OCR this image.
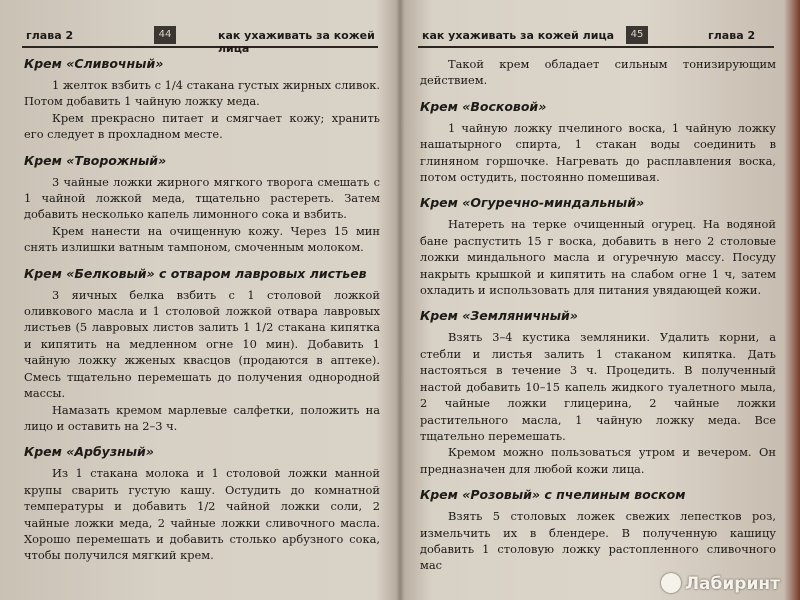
глава 2	44	как ухаживать за кожей лица
Крем «Сливочный»

1 желток взбить с 1/4 стакана густых жирных сливок. Потом добавить 1 чайную ложку меда.

Крем прекрасно питает и смягчает кожу; хранить его следует в прохладном месте.

Крем «Творожный»

3 чайные ложки жирного мягкого творога смешать с 1 чайной ложкой меда, тщательно растереть. Затем добавить несколько капель лимонного сока и взбить.

Крем нанести на очищенную кожу. Через 15 мин снять излишки ватным тампоном, смоченным молоком.

Крем «Белковый» с отваром лавровых листьев

3 яичных белка взбить с 1 столовой ложкой оливкового масла и 1 столовой ложкой отвара лавровых листьев (5 лавровых листов залить 1 1/2 стакана кипятка и кипятить на медленном огне 10 мин). Добавить 1 чайную ложку жженых квасцов (продаются в аптеке). Смесь тщательно перемешать до получения однородной массы.

Намазать кремом марлевые салфетки, положить на лицо и оставить на 2–3 ч.

Крем «Арбузный»

Из 1 стакана молока и 1 столовой ложки манной крупы сварить густую кашу. Остудить до комнатной температуры и добавить 1/2 чайной ложки соли, 2 чайные ложки меда, 2 чайные ложки сливочного масла. Хорошо перемешать и добавить столько арбузного сока, чтобы получился мягкий крем.

как ухаживать за кожей лица	45	глава 2

Такой крем обладает сильным тонизирующим действием.

Крем «Восковой»

1 чайную ложку пчелиного воска, 1 чайную ложку нашатырного спирта, 1 стакан воды соединить в глиняном горшочке. Нагревать до расплавления воска, потом остудить, постоянно помешивая.

Крем «Огуречно-миндальный»

Натереть на терке очищенный огурец. На водяной бане распустить 15 г воска, добавить в него 2 столовые ложки миндального масла и огуречную массу. Посуду накрыть крышкой и кипятить на слабом огне 1 ч, затем охладить и использовать для питания увядающей кожи.

Крем «Земляничный»

Взять 3–4 кустика земляники. Удалить корни, а стебли и листья залить 1 стаканом кипятка. Дать настояться в течение 3 ч. Процедить. В полученный настой добавить 10–15 капель жидкого туалетного мыла, 2 чайные ложки глицерина, 2 чайные ложки растительного масла, 1 чайную ложку меда. Все тщательно перемешать.

Кремом можно пользоваться утром и вечером. Он предназначен для любой кожи лица.

Крем «Розовый» с пчелиным воском

Взять 5 столовых ложек свежих лепестков роз, измельчить их в блендере. В полученную кашицу добавить 1 столовую ложку растопленного сливочного мас

Лабиринт
